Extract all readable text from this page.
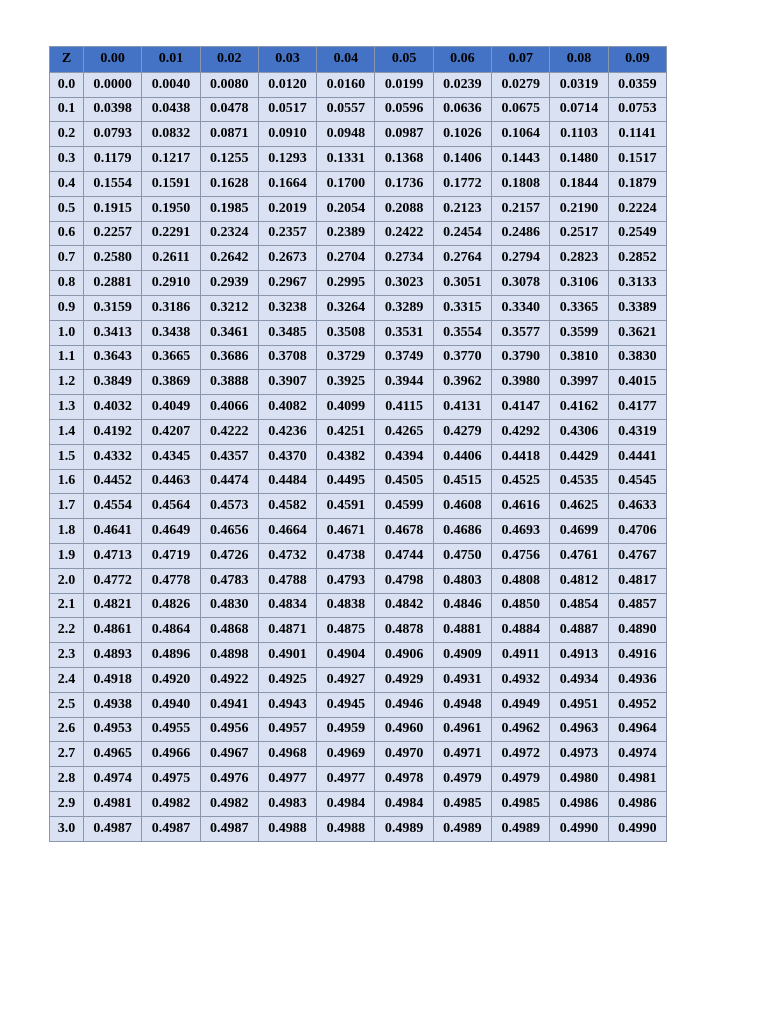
Z	0.00	0.01	0.02	0.03	0.04	0.05	0.06	0.07	0.08	0.09
0.0	0.0000	0.0040	0.0080	0.0120	0.0160	0.0199	0.0239	0.0279	0.0319	0.0359
0.1	0.0398	0.0438	0.0478	0.0517	0.0557	0.0596	0.0636	0.0675	0.0714	0.0753
0.2	0.0793	0.0832	0.0871	0.0910	0.0948	0.0987	0.1026	0.1064	0.1103	0.1141
0.3	0.1179	0.1217	0.1255	0.1293	0.1331	0.1368	0.1406	0.1443	0.1480	0.1517
0.4	0.1554	0.1591	0.1628	0.1664	0.1700	0.1736	0.1772	0.1808	0.1844	0.1879
0.5	0.1915	0.1950	0.1985	0.2019	0.2054	0.2088	0.2123	0.2157	0.2190	0.2224
0.6	0.2257	0.2291	0.2324	0.2357	0.2389	0.2422	0.2454	0.2486	0.2517	0.2549
0.7	0.2580	0.2611	0.2642	0.2673	0.2704	0.2734	0.2764	0.2794	0.2823	0.2852
0.8	0.2881	0.2910	0.2939	0.2967	0.2995	0.3023	0.3051	0.3078	0.3106	0.3133
0.9	0.3159	0.3186	0.3212	0.3238	0.3264	0.3289	0.3315	0.3340	0.3365	0.3389
1.0	0.3413	0.3438	0.3461	0.3485	0.3508	0.3531	0.3554	0.3577	0.3599	0.3621
1.1	0.3643	0.3665	0.3686	0.3708	0.3729	0.3749	0.3770	0.3790	0.3810	0.3830
1.2	0.3849	0.3869	0.3888	0.3907	0.3925	0.3944	0.3962	0.3980	0.3997	0.4015
1.3	0.4032	0.4049	0.4066	0.4082	0.4099	0.4115	0.4131	0.4147	0.4162	0.4177
1.4	0.4192	0.4207	0.4222	0.4236	0.4251	0.4265	0.4279	0.4292	0.4306	0.4319
1.5	0.4332	0.4345	0.4357	0.4370	0.4382	0.4394	0.4406	0.4418	0.4429	0.4441
1.6	0.4452	0.4463	0.4474	0.4484	0.4495	0.4505	0.4515	0.4525	0.4535	0.4545
1.7	0.4554	0.4564	0.4573	0.4582	0.4591	0.4599	0.4608	0.4616	0.4625	0.4633
1.8	0.4641	0.4649	0.4656	0.4664	0.4671	0.4678	0.4686	0.4693	0.4699	0.4706
1.9	0.4713	0.4719	0.4726	0.4732	0.4738	0.4744	0.4750	0.4756	0.4761	0.4767
2.0	0.4772	0.4778	0.4783	0.4788	0.4793	0.4798	0.4803	0.4808	0.4812	0.4817
2.1	0.4821	0.4826	0.4830	0.4834	0.4838	0.4842	0.4846	0.4850	0.4854	0.4857
2.2	0.4861	0.4864	0.4868	0.4871	0.4875	0.4878	0.4881	0.4884	0.4887	0.4890
2.3	0.4893	0.4896	0.4898	0.4901	0.4904	0.4906	0.4909	0.4911	0.4913	0.4916
2.4	0.4918	0.4920	0.4922	0.4925	0.4927	0.4929	0.4931	0.4932	0.4934	0.4936
2.5	0.4938	0.4940	0.4941	0.4943	0.4945	0.4946	0.4948	0.4949	0.4951	0.4952
2.6	0.4953	0.4955	0.4956	0.4957	0.4959	0.4960	0.4961	0.4962	0.4963	0.4964
2.7	0.4965	0.4966	0.4967	0.4968	0.4969	0.4970	0.4971	0.4972	0.4973	0.4974
2.8	0.4974	0.4975	0.4976	0.4977	0.4977	0.4978	0.4979	0.4979	0.4980	0.4981
2.9	0.4981	0.4982	0.4982	0.4983	0.4984	0.4984	0.4985	0.4985	0.4986	0.4986
3.0	0.4987	0.4987	0.4987	0.4988	0.4988	0.4989	0.4989	0.4989	0.4990	0.4990
